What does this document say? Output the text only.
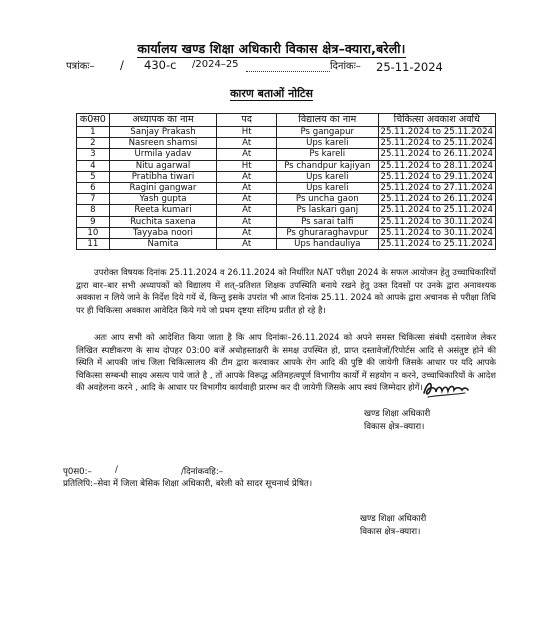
कार्यालय खण्ड शिक्षा अधिकारी विकास क्षेत्र–क्यारा,बरेली।
पत्रांकः– / 430-c /2024–25	दिनांकः– 25-11-2024
कारण बताओं नोटिस
क0स0	अध्यापक का नाम	पद	विद्यालय का नाम	चिकित्सा अवकाश अवधि
1	Sanjay Prakash	Ht	Ps gangapur	25.11.2024 to 25.11.2024
2	Nasreen shamsi	At	Ups kareli	25.11.2024 to 25.11.2024
3	Urmila yadav	At	Ps kareli	25.11.2024 to 26.11.2024
4	Nitu agarwal	Ht	Ps chandpur kajiyan	25.11.2024 to 28.11.2024
5	Pratibha tiwari	At	Ups kareli	25.11.2024 to 29.11.2024
6	Ragini gangwar	At	Ups kareli	25.11.2024 to 27.11.2024
7	Yash gupta	At	Ps uncha gaon	25.11.2024 to 26.11.2024
8	Reeta kumari	At	Ps laskari ganj	25.11.2024 to 25.11.2024
9	Ruchita saxena	At	Ps sarai talfi	25.11.2024 to 30.11.2024
10	Tayyaba noori	At	Ps ghuraraghavpur	25.11.2024 to 30.11.2024
11	Namita	At	Ups handauliya	25.11.2024 to 25.11.2024
उपरोक्त विषयक दिनांक 25.11.2024 व 26.11.2024 को निर्धारित NAT परीक्षा 2024 के सफल आयोजन हेतु उच्चाधिकारियों द्वारा बार–बार सभी अध्यापकों को विद्यालय में शत्–प्रतिशत शिक्षक उपस्थिति बनाये रखने हेतु उक्त दिवसों पर उनके द्वारा अनावश्यक अवकाश न लिये जाने के निर्देश दिये गयें थें, किन्तु इसके उपरांत भी आज दिनांक 25.11. 2024 को आपके द्वारा अचानक से परीक्षा तिथि पर ही चिकित्सा अवकाश आवेदित किये गये जो प्रथम दृष्टया संदिग्ध प्रतीत हो रहे है।
अतः आप सभी को आदेशित किया जाता है कि आप दिनांकः–26.11.2024 को अपने समस्त चिकित्सा संबंधी दस्तावेज लेकर लिखित स्पष्टीकरण के साथ दोपहर 03:00 बजें अधोहस्ताक्षरी के समक्ष उपस्थित हो, प्राप्त दस्तावेजों/रिपोर्टस आदि से असंतुष्ट होने की स्थिति में आपकी जांच जिला चिकित्सालय की टीम द्वारा करवाकर आपके रोग आदि की पुष्टि की जायेगी जिसके आधार पर यदि आपके चिकित्सा सम्बन्धी साक्ष्य असत्य पाये जाते है , तों आपके विरूद्ध अतिमहत्वपूर्ण विभागीय कार्यों में सहयोग न करने, उच्चाधिकारियों के आदेश की अवहेलना करने , आदि के आधार पर विभागीय कार्यवाही प्रारम्भ कर दी जायेगी जिसके आप स्वयं जिम्मेदार होगें।
खण्ड शिक्षा अधिकारी
विकास क्षेत्र–क्यारा।
पृ0स0:–	/	/दिनांकवहि:–
प्रतिलिपि:–सेवा में जिला बेसिक शिक्षा अधिकारी, बरेली को सादर सूचनार्थ प्रेषित।
खण्ड शिक्षा अधिकारी
विकास क्षेत्र–क्यारा।
